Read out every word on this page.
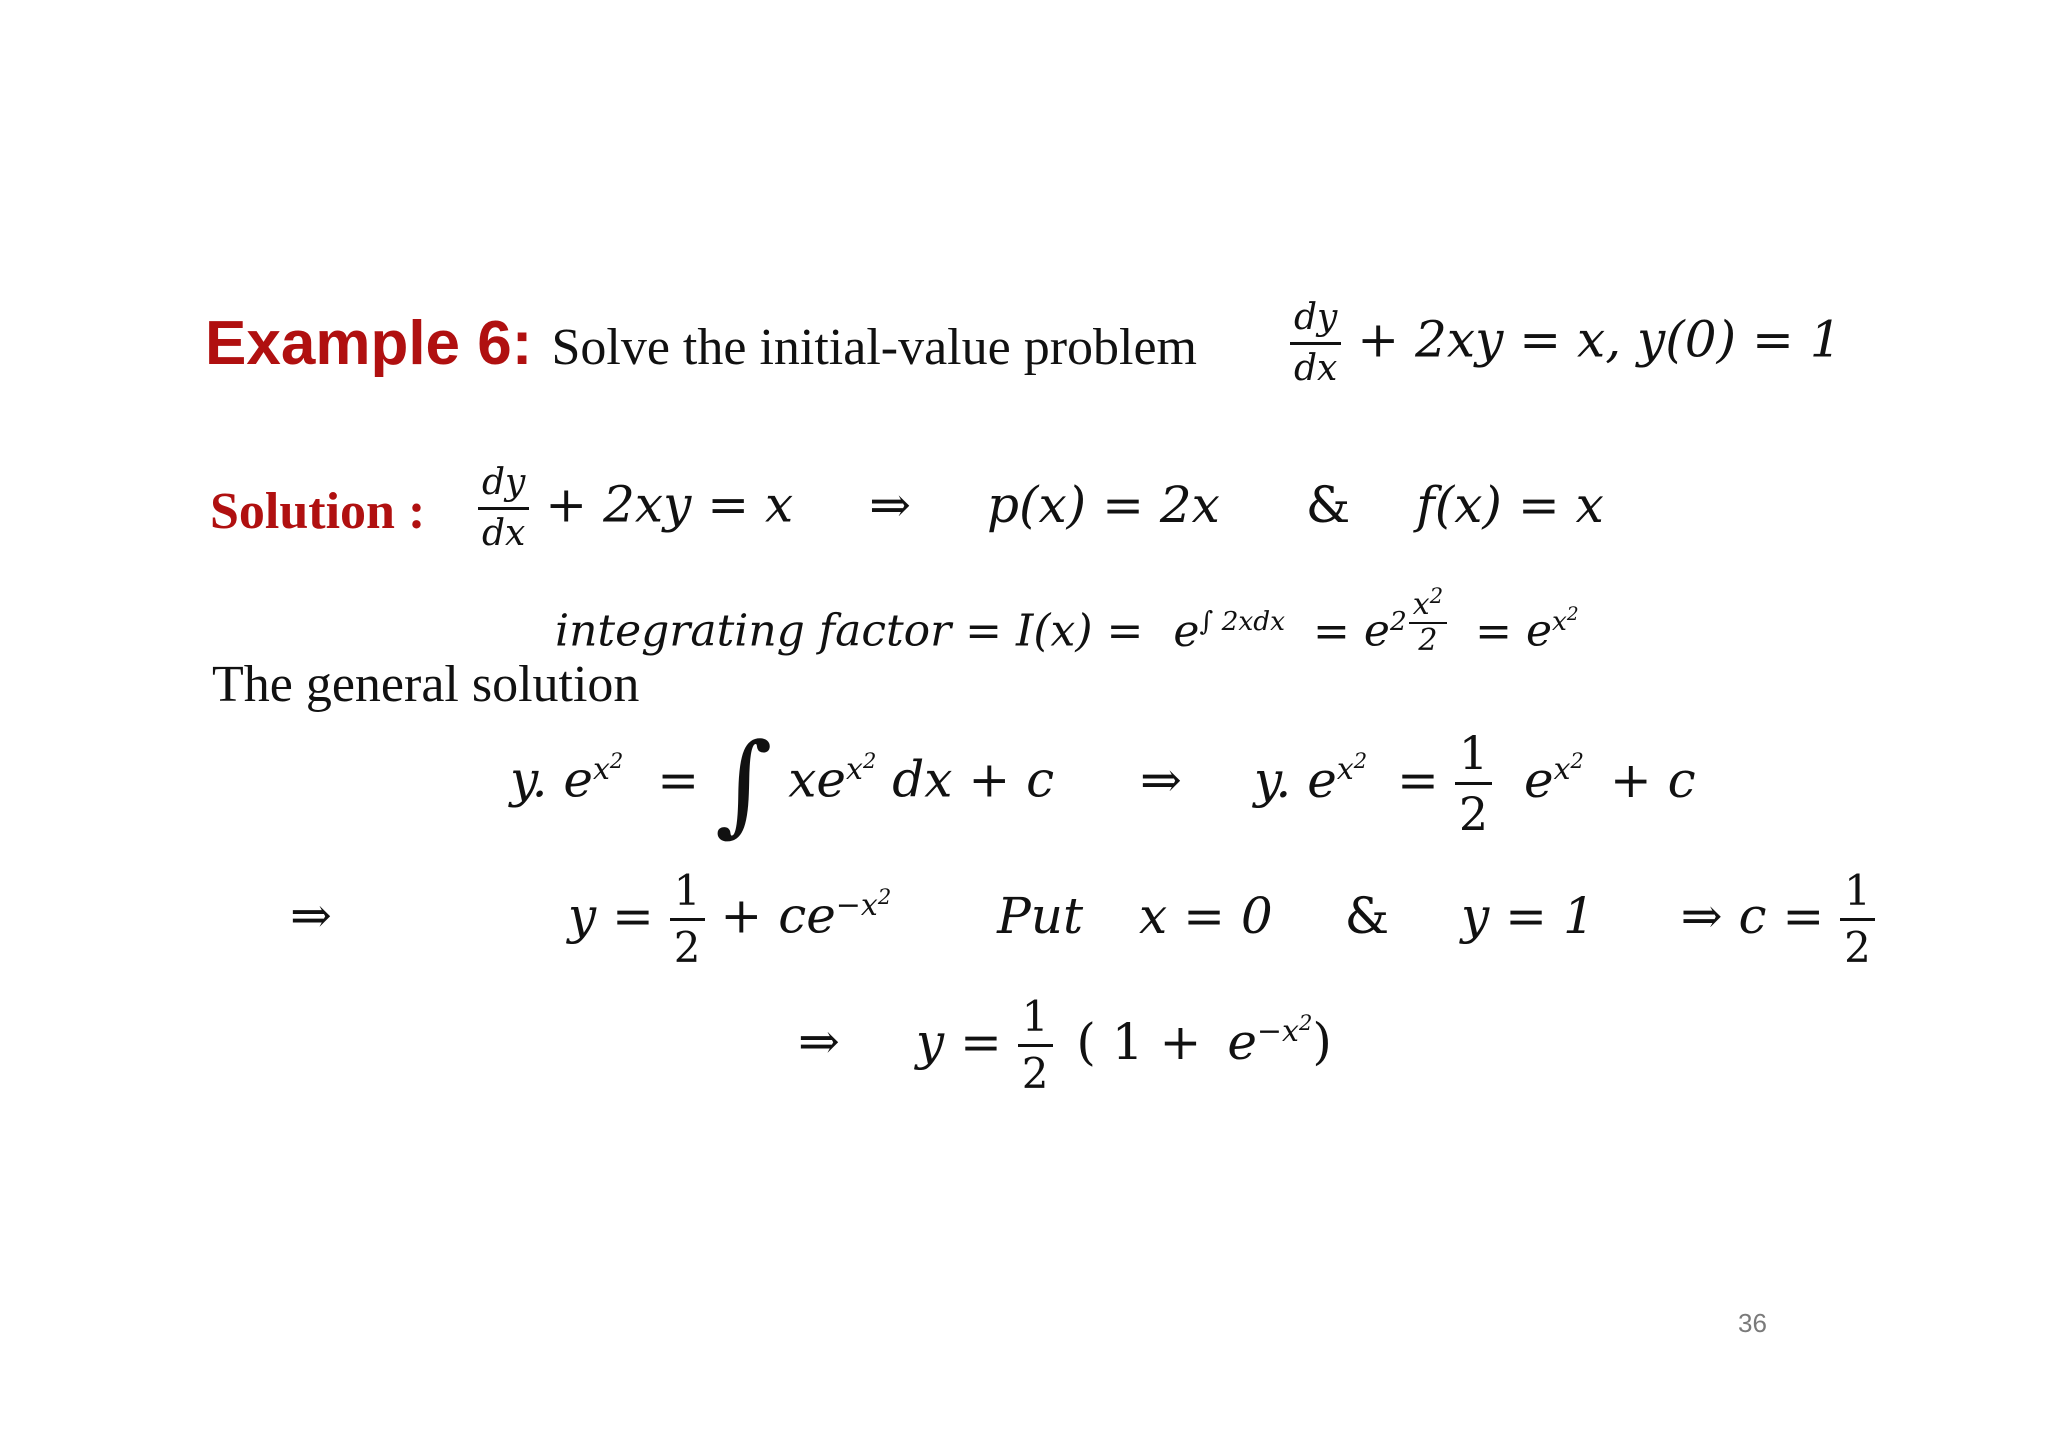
Example 6: Solve the initial-value problem	$\frac{dy}{dx} + 2xy = x$, y(0) = 1
Solution : $\frac{dy}{dx} + 2xy = x$ ⇒ p(x) = 2x & f(x) = x
integrating factor = $I(x) = e^{\int 2xdx} = e^{2 \frac{x^2}{2}} = e^{x^2}$
The general solution
y. $e^{x^2}$ = ∫ $xe^{x^2}$ dx + c ⇒ y. $e^{x^2} = \frac{1}{2} e^{x^2} + c$
⇒	$y = \frac{1}{2} + ce^{-x^2}$ Put x = 0 & y = 1 ⇒ $c = \frac{1}{2}$
⇒ $y = \frac{1}{2}$ ( $1 + e^{-x^2}$)
36
